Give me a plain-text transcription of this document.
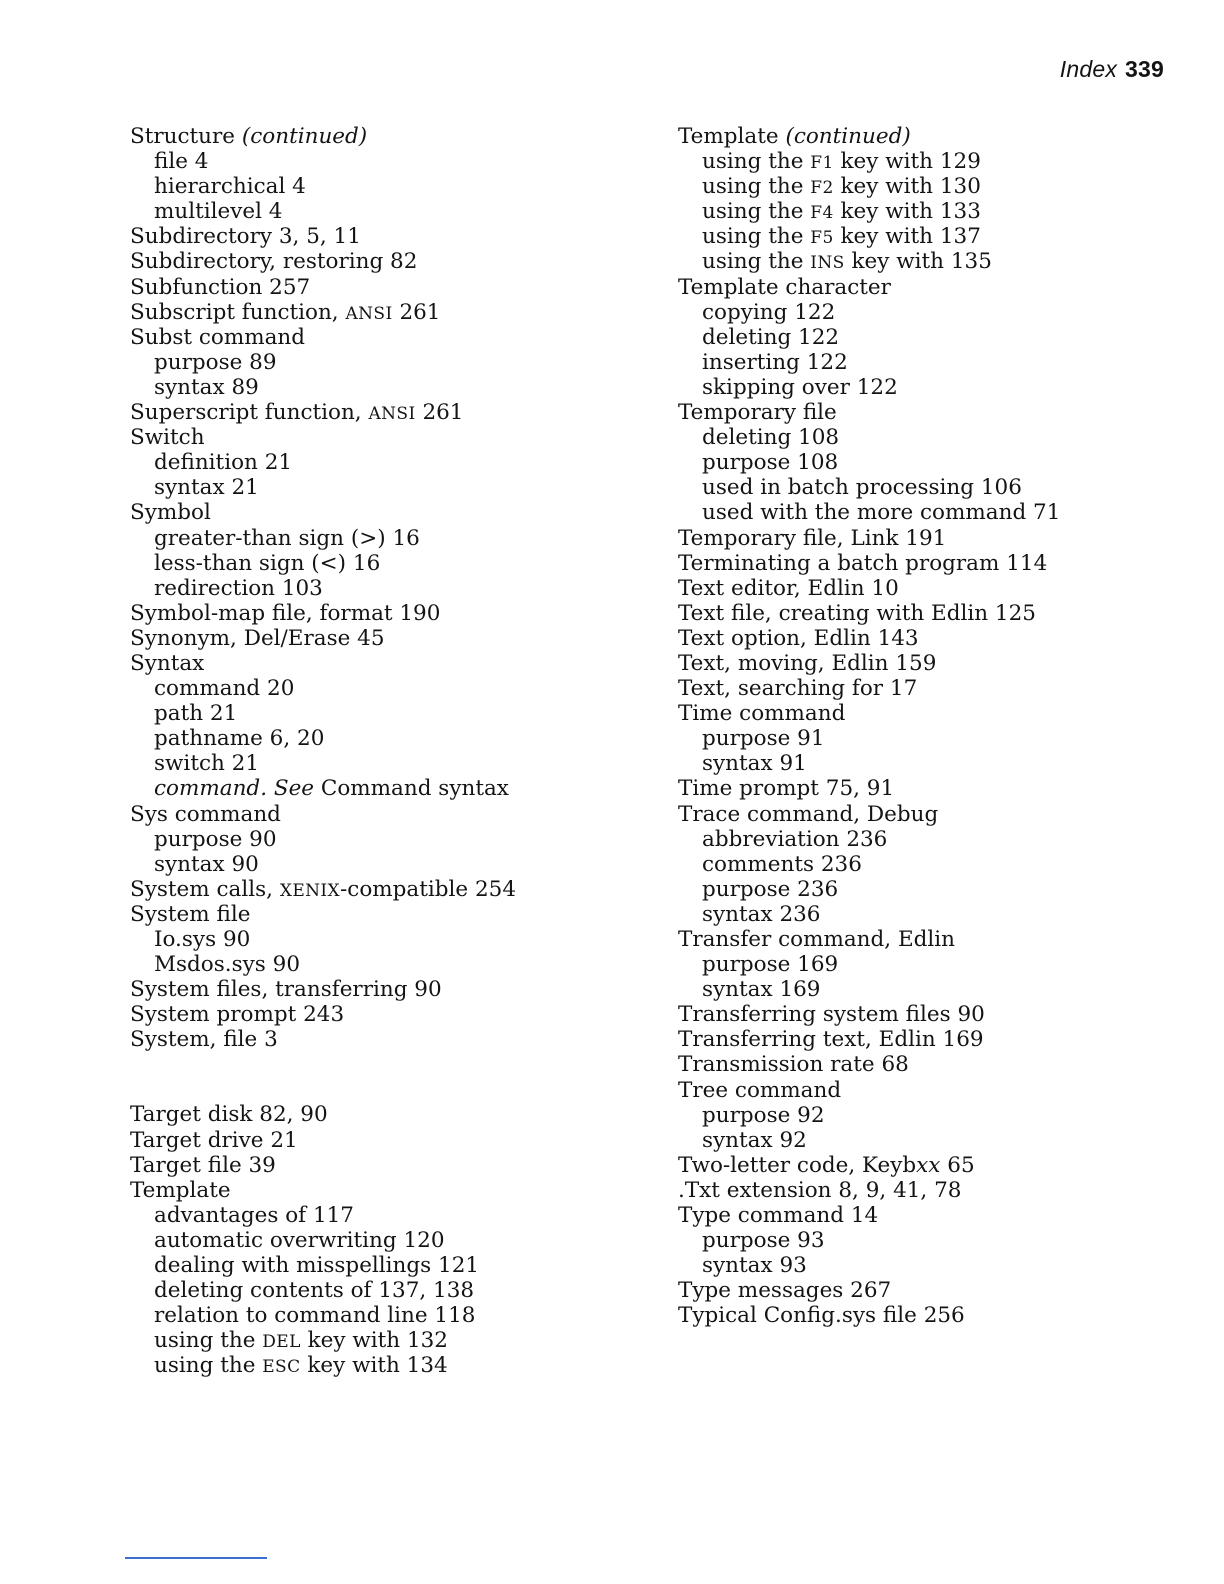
Index 339
Structure (continued)
file 4
hierarchical 4
multilevel 4
Subdirectory 3, 5, 11
Subdirectory, restoring 82
Subfunction 257
Subscript function, ANSI 261
Subst command
purpose 89
syntax 89
Superscript function, ANSI 261
Switch
definition 21
syntax 21
Symbol
greater-than sign (>) 16
less-than sign (<) 16
redirection 103
Symbol-map file, format 190
Synonym, Del/Erase 45
Syntax
command 20
path 21
pathname 6, 20
switch 21
command. See Command syntax
Sys command
purpose 90
syntax 90
System calls, XENIX-compatible 254
System file
Io.sys 90
Msdos.sys 90
System files, transferring 90
System prompt 243
System, file 3
Target disk 82, 90
Target drive 21
Target file 39
Template
advantages of 117
automatic overwriting 120
dealing with misspellings 121
deleting contents of 137, 138
relation to command line 118
using the DEL key with 132
using the ESC key with 134
Template (continued)
using the F1 key with 129
using the F2 key with 130
using the F4 key with 133
using the F5 key with 137
using the INS key with 135
Template character
copying 122
deleting 122
inserting 122
skipping over 122
Temporary file
deleting 108
purpose 108
used in batch processing 106
used with the more command 71
Temporary file, Link 191
Terminating a batch program 114
Text editor, Edlin 10
Text file, creating with Edlin 125
Text option, Edlin 143
Text, moving, Edlin 159
Text, searching for 17
Time command
purpose 91
syntax 91
Time prompt 75, 91
Trace command, Debug
abbreviation 236
comments 236
purpose 236
syntax 236
Transfer command, Edlin
purpose 169
syntax 169
Transferring system files 90
Transferring text, Edlin 169
Transmission rate 68
Tree command
purpose 92
syntax 92
Two-letter code, Keybxx 65
.Txt extension 8, 9, 41, 78
Type command 14
purpose 93
syntax 93
Type messages 267
Typical Config.sys file 256
